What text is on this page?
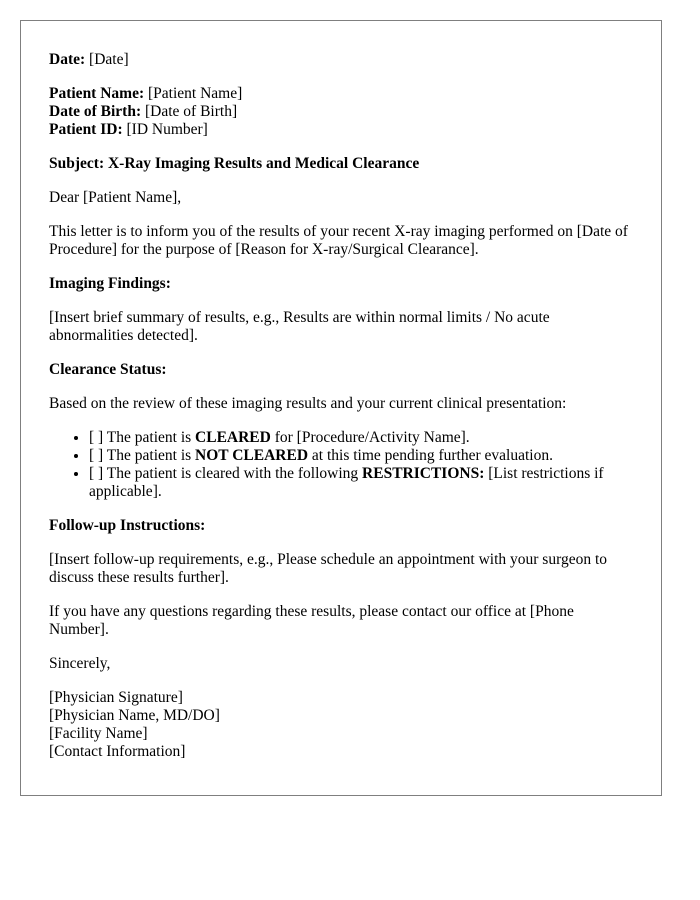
Date: [Date]

Patient Name: [Patient Name]

Date of Birth: [Date of Birth]

Patient ID: [ID Number]

Subject: X-Ray Imaging Results and Medical Clearance

Dear [Patient Name],

This letter is to inform you of the results of your recent X-ray imaging performed on [Date of Procedure] for the purpose of [Reason for X-ray/Surgical Clearance].

Imaging Findings:

[Insert brief summary of results, e.g., Results are within normal limits / No acute abnormalities detected].

Clearance Status:

Based on the review of these imaging results and your current clinical presentation:

• [ ] The patient is CLEARED for [Procedure/Activity Name].
• [ ] The patient is NOT CLEARED at this time pending further evaluation.
• [ ] The patient is cleared with the following RESTRICTIONS: [List restrictions if applicable].

Follow-up Instructions:

[Insert follow-up requirements, e.g., Please schedule an appointment with your surgeon to discuss these results further].

If you have any questions regarding these results, please contact our office at [Phone Number].

Sincerely,

[Physician Signature]

[Physician Name, MD/DO]

[Facility Name]

[Contact Information]
